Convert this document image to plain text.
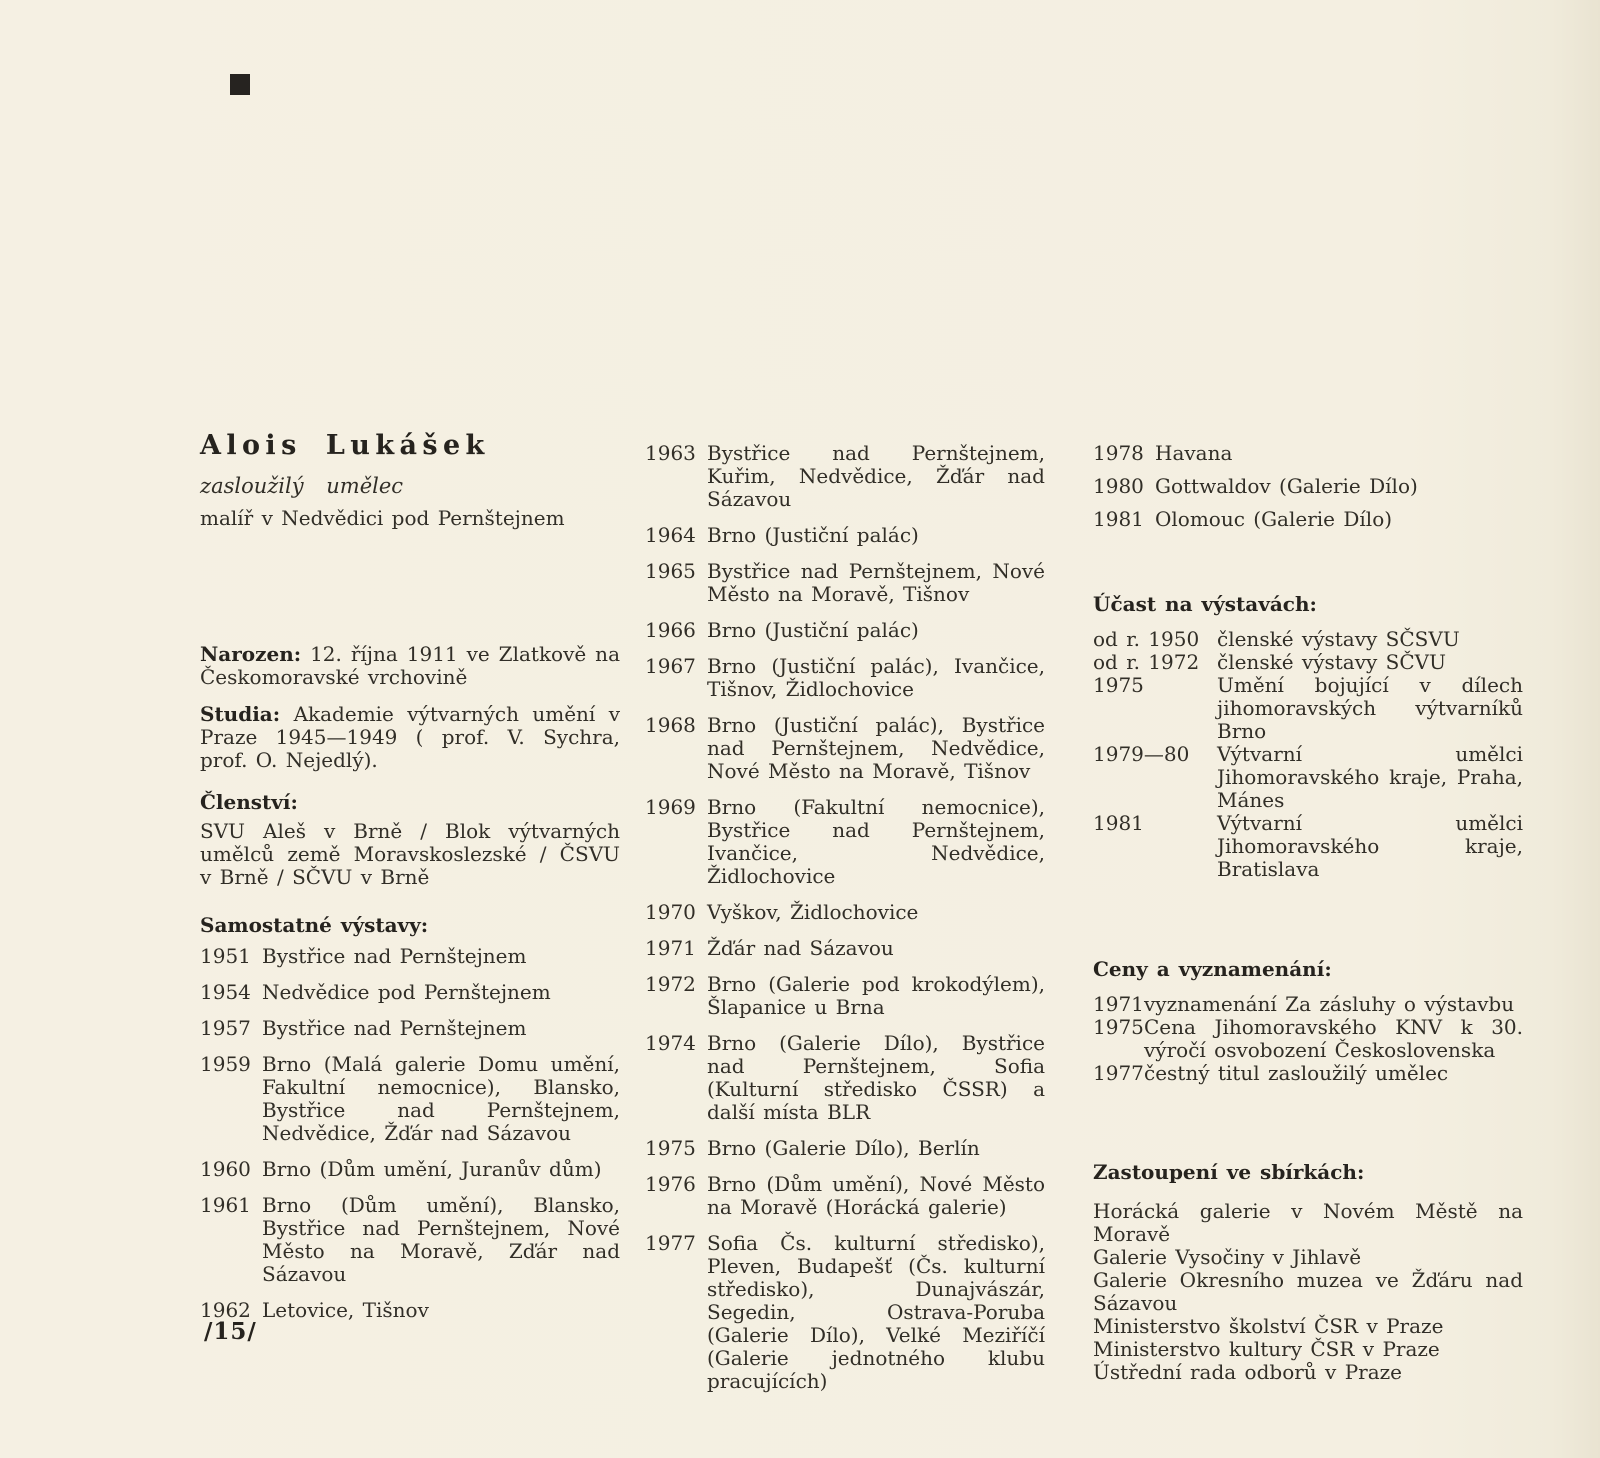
Alois Lukášek

zasloužilý umělec

malíř v Nedvědici pod Pernštejnem

Narozen: 12. října 1911 ve Zlatkově na Českomoravské vrchovině

Studia: Akademie výtvarných umění v Praze 1945—1949 ( prof. V. Sychra, prof. O. Nejedlý).

Členství:

SVU Aleš v Brně / Blok výtvarných umělců země Moravskoslezské / ČSVU v Brně / SČVU v Brně

Samostatné výstavy:
1951 Bystřice nad Pernštejnem
1954 Nedvědice pod Pernštejnem
1957 Bystřice nad Pernštejnem
1959 Brno (Malá galerie Domu umění, Fakultní nemocnice), Blansko, Bystřice nad Pernštejnem, Nedvědice, Žďár nad Sázavou
1960 Brno (Dům umění, Juranův dům)
1961 Brno (Dům umění), Blansko, Bystřice nad Pernštejnem, Nové Město na Moravě, Zďár nad Sázavou
1962 Letovice, Tišnov
1963 Bystřice nad Pernštejnem, Kuřim, Nedvědice, Žďár nad Sázavou
1964 Brno (Justiční palác)
1965 Bystřice nad Pernštejnem, Nové Město na Moravě, Tišnov
1966 Brno (Justiční palác)
1967 Brno (Justiční palác), Ivančice, Tišnov, Židlochovice
1968 Brno (Justiční palác), Bystřice nad Pernštejnem, Nedvědice, Nové Město na Moravě, Tišnov
1969 Brno (Fakultní nemocnice), Bystřice nad Pernštejnem, Ivančice, Nedvědice, Židlochovice
1970 Vyškov, Židlochovice
1971 Žďár nad Sázavou
1972 Brno (Galerie pod krokodýlem), Šlapanice u Brna
1974 Brno (Galerie Dílo), Bystřice nad Pernštejnem, Sofia (Kulturní středisko ČSSR) a další místa BLR
1975 Brno (Galerie Dílo), Berlín
1976 Brno (Dům umění), Nové Město na Moravě (Horácká galerie)
1977 Sofia Čs. kulturní středisko), Pleven, Budapešť (Čs. kulturní středisko), Dunajvászár, Segedin, Ostrava-Poruba (Galerie Dílo), Velké Meziříčí (Galerie jednotného klubu pracujících)
1978 Havana
1980 Gottwaldov (Galerie Dílo)
1981 Olomouc (Galerie Dílo)
Účast na výstavách:
od r. 1950 členské výstavy SČSVU
od r. 1972 členské výstavy SČVU
1975	Umění bojující v dílech jihomoravských výtvarníků Brno
1979—80	Výtvarní umělci Jihomoravského kraje, Praha, Mánes
1981	Výtvarní umělci Jihomoravského kraje, Bratislava
Ceny a vyznamenání:
1971 vyznamenání Za zásluhy o výstavbu
1975 Cena Jihomoravského KNV k 30. výročí osvobození Československa
1977 čestný titul zasloužilý umělec
Zastoupení ve sbírkách:

Horácká galerie v Novém Městě na Moravě

Galerie Vysočiny v Jihlavě

Galerie Okresního muzea ve Žďáru nad Sázavou

Ministerstvo školství ČSR v Praze

Ministerstvo kultury ČSR v Praze

Ústřední rada odborů v Praze

/15/
